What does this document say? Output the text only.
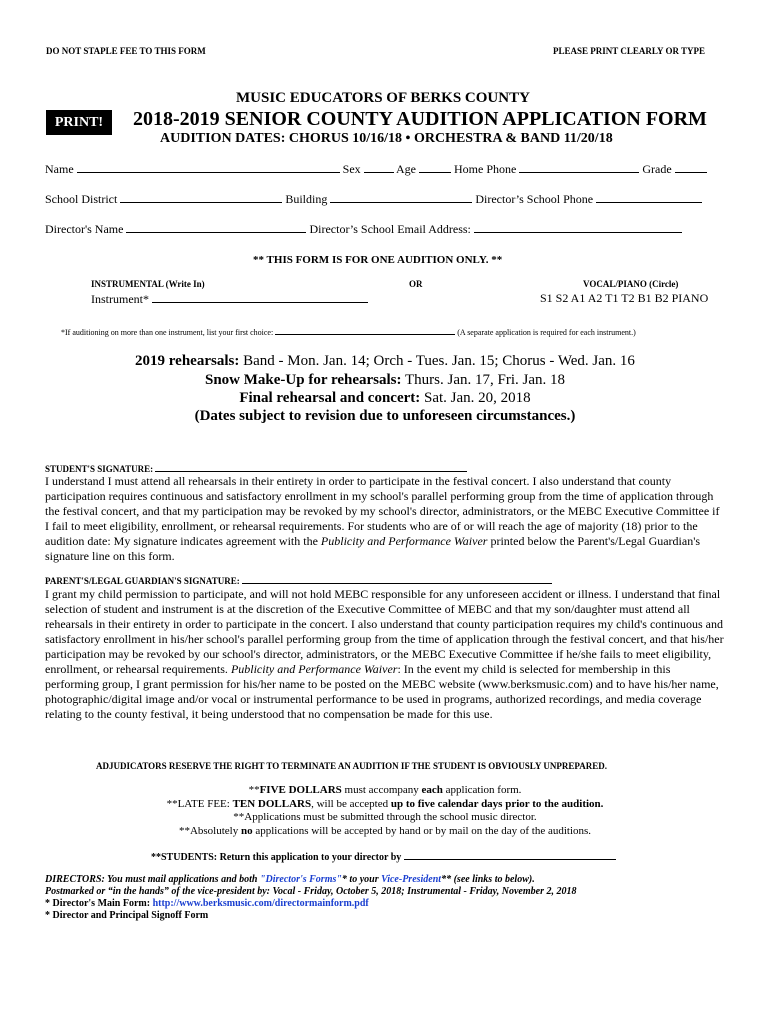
DO NOT STAPLE FEE TO THIS FORM	PLEASE PRINT CLEARLY OR TYPE
MUSIC EDUCATORS OF BERKS COUNTY
PRINT!	2018-2019 SENIOR COUNTY AUDITION APPLICATION FORM
AUDITION DATES: CHORUS 10/16/18 • ORCHESTRA & BAND 11/20/18
Name	Sex	Age	Home Phone	Grade
School District	Building	Director’s School Phone
Director's Name	Director’s School Email Address:
** THIS FORM IS FOR ONE AUDITION ONLY. **
INSTRUMENTAL (Write In)	OR	VOCAL/PIANO (Circle)
Instrument*	S1 S2 A1 A2 T1 T2 B1 B2 PIANO
*If auditioning on more than one instrument, list your first choice:	(A separate application is required for each instrument.)
2019 rehearsals: Band - Mon. Jan. 14; Orch - Tues. Jan. 15; Chorus - Wed. Jan. 16
Snow Make-Up for rehearsals: Thurs. Jan. 17, Fri. Jan. 18
Final rehearsal and concert: Sat. Jan. 20, 2018
(Dates subject to revision due to unforeseen circumstances.)
STUDENT'S SIGNATURE:

I understand I must attend all rehearsals in their entirety in order to participate in the festival concert. I also understand that county participation requires continuous and satisfactory enrollment in my school's parallel performing group from the time of application through the festival concert, and that my participation may be revoked by my school's director, administrators, or the MEBC Executive Committee if I fail to meet eligibility, enrollment, or rehearsal requirements. For students who are of or will reach the age of majority (18) prior to the audition date: My signature indicates agreement with the Publicity and Performance Waiver printed below the Parent's/Legal Guardian's signature line on this form.

PARENT'S/LEGAL GUARDIAN'S SIGNATURE:

I grant my child permission to participate, and will not hold MEBC responsible for any unforeseen accident or illness. I understand that final selection of student and instrument is at the discretion of the Executive Committee of MEBC and that my son/daughter must attend all rehearsals in their entirety in order to participate in the concert. I also understand that county participation requires my child's continuous and satisfactory enrollment in his/her school's parallel performing group from the time of application through the festival concert, and that his/her participation may be revoked by our school's director, administrators, or the MEBC Executive Committee if he/she fails to meet eligibility, enrollment, or rehearsal requirements. Publicity and Performance Waiver: In the event my child is selected for membership in this performing group, I grant permission for his/her name to be posted on the MEBC website (www.berksmusic.com) and to have his/her name, photographic/digital image and/or vocal or instrumental performance to be used in programs, authorized recordings, and media coverage relating to the county festival, it being understood that no compensation be made for this use.

ADJUDICATORS RESERVE THE RIGHT TO TERMINATE AN AUDITION IF THE STUDENT IS OBVIOUSLY UNPREPARED.
**FIVE DOLLARS must accompany each application form.
**LATE FEE: TEN DOLLARS, will be accepted up to five calendar days prior to the audition.
**Applications must be submitted through the school music director.
**Absolutely no applications will be accepted by hand or by mail on the day of the auditions.
**STUDENTS: Return this application to your director by
DIRECTORS: You must mail applications and both "Director's Forms"* to your Vice-President** (see links to below).
Postmarked or “in the hands” of the vice-president by: Vocal - Friday, October 5, 2018; Instrumental - Friday, November 2, 2018
* Director's Main Form: http://www.berksmusic.com/directormainform.pdf
* Director and Principal Signoff Form
